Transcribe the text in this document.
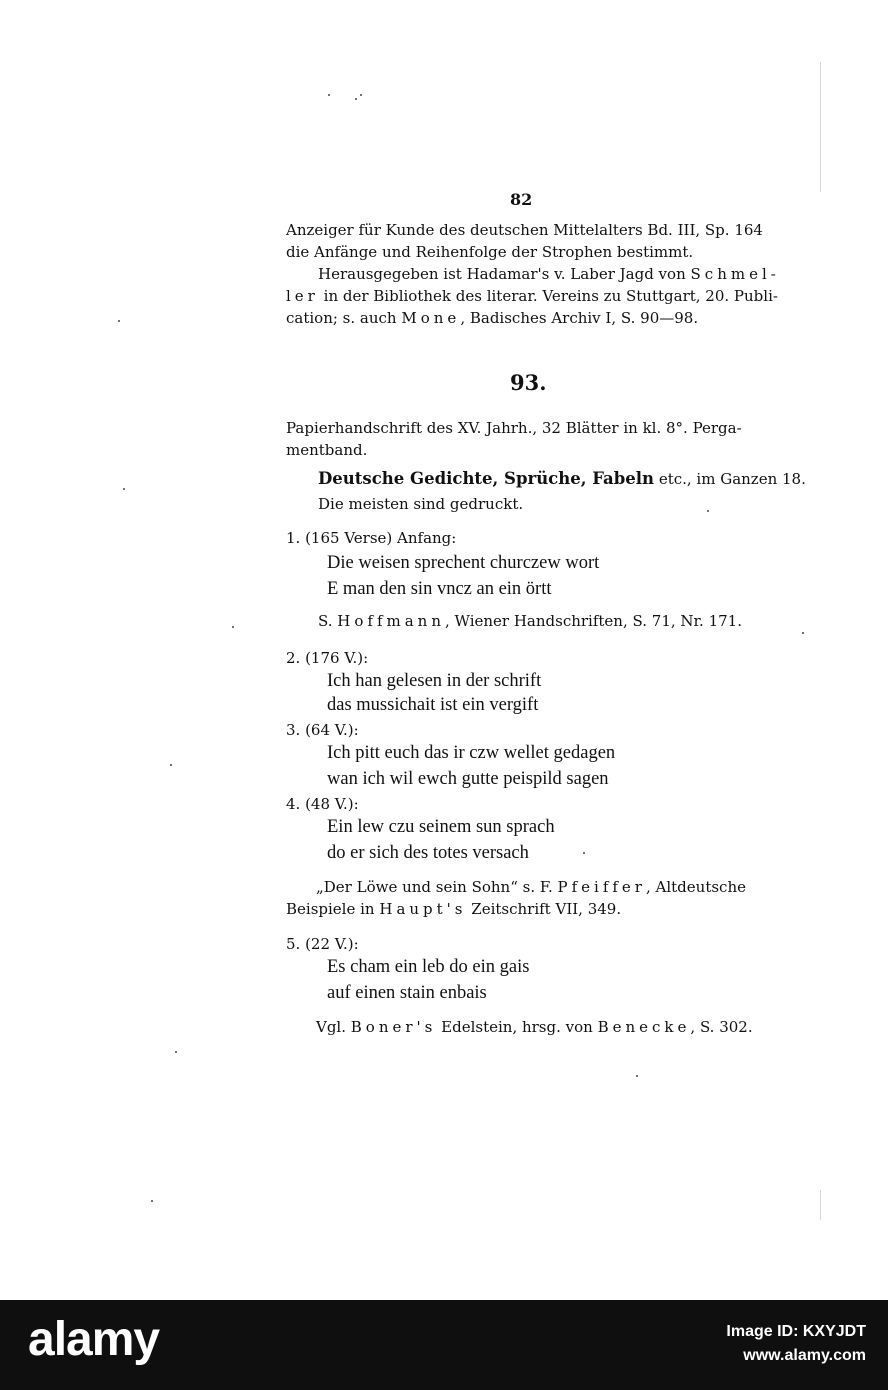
82
Anzeiger für Kunde des deutschen Mittelalters Bd. III, Sp. 164
die Anfänge und Reihenfolge der Strophen bestimmt.
Herausgegeben ist Hadamar's v. Laber Jagd von Schmel-
ler in der Bibliothek des literar. Vereins zu Stuttgart, 20. Publi-
cation; s. auch Mone, Badisches Archiv I, S. 90—98.
93.
Papierhandschrift des XV. Jahrh., 32 Blätter in kl. 8°. Perga-
mentband.
Deutsche Gedichte, Sprüche, Fabeln etc., im Ganzen 18.
Die meisten sind gedruckt.
1. (165 Verse) Anfang:
Die weisen sprechent churczew wort
E man den sin vncz an ein örtt
S. Hoffmann, Wiener Handschriften, S. 71, Nr. 171.
2. (176 V.):
Ich han gelesen in der schrift
das mussichait ist ein vergift
3. (64 V.):
Ich pitt euch das ir czw wellet gedagen
wan ich wil ewch gutte peispild sagen
4. (48 V.):
Ein lew czu seinem sun sprach
do er sich des totes versach
„Der Löwe und sein Sohn“ s. F. Pfeiffer, Altdeutsche
Beispiele in Haupt's Zeitschrift VII, 349.
5. (22 V.):
Es cham ein leb do ein gais
auf einen stain enbais
Vgl. Boner's Edelstein, hrsg. von Benecke, S. 302.
alamy	Image ID: KXYJDT
www.alamy.com
